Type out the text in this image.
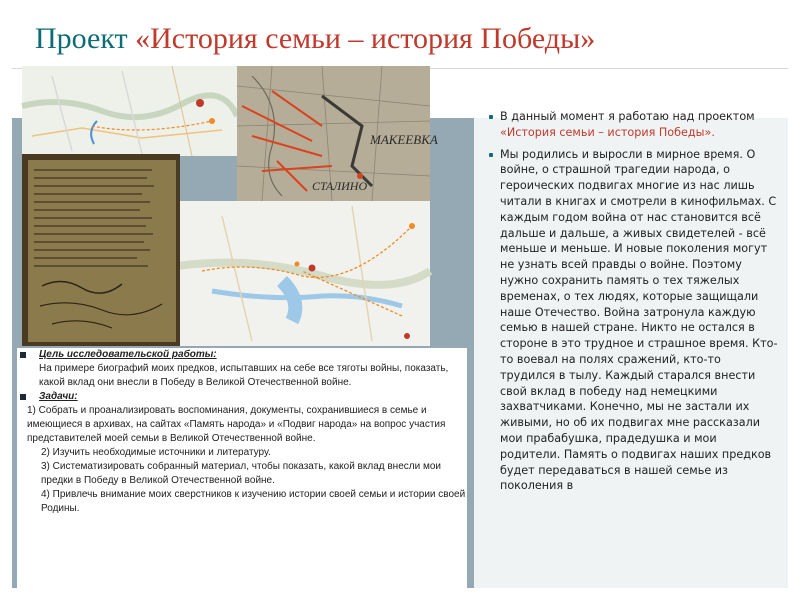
Проект «История семьи – история Победы»
МАКЕЕВКА
СТАЛИНО

Цель исследовательской работы:

На примере биографий моих предков, испытавших на себе все тяготы войны, показать, какой вклад они внесли в Победу в Великой Отечественной войне.

Задачи:

1) Собрать и проанализировать воспоминания, документы, сохранившиеся в семье и имеющиеся в архивах, на сайтах «Память народа» и «Подвиг народа» на вопрос участия представителей моей семьи в Великой Отечественной войне.

2) Изучить необходимые источники и литературу.

3) Систематизировать собранный материал, чтобы показать, какой вклад внесли мои предки в Победу в Великой Отечественной войне.

4) Привлечь внимание моих сверстников к изучению истории своей семьи и истории своей Родины.

В данный момент я работаю над проектом «История семьи – история Победы».

Мы родились и выросли в мирное время. О войне, о страшной трагедии народа, о героических подвигах многие из нас лишь читали в книгах и смотрели в кинофильмах. С каждым годом война от нас становится всё дальше и дальше, а живых свидетелей - всё меньше и меньше. И новые поколения могут не узнать всей правды о войне. Поэтому нужно сохранить память о тех тяжелых временах, о тех людях, которые защищали наше Отечество. Война затронула каждую семью в нашей стране. Никто не остался в стороне в это трудное и страшное время. Кто-то воевал на полях сражений, кто-то трудился в тылу. Каждый старался внести свой вклад в победу над немецкими захватчиками. Конечно, мы не застали их живыми, но об их подвигах мне рассказали мои прабабушка, прадедушка и мои родители. Память о подвигах наших предков будет передаваться в нашей семье из поколения в
